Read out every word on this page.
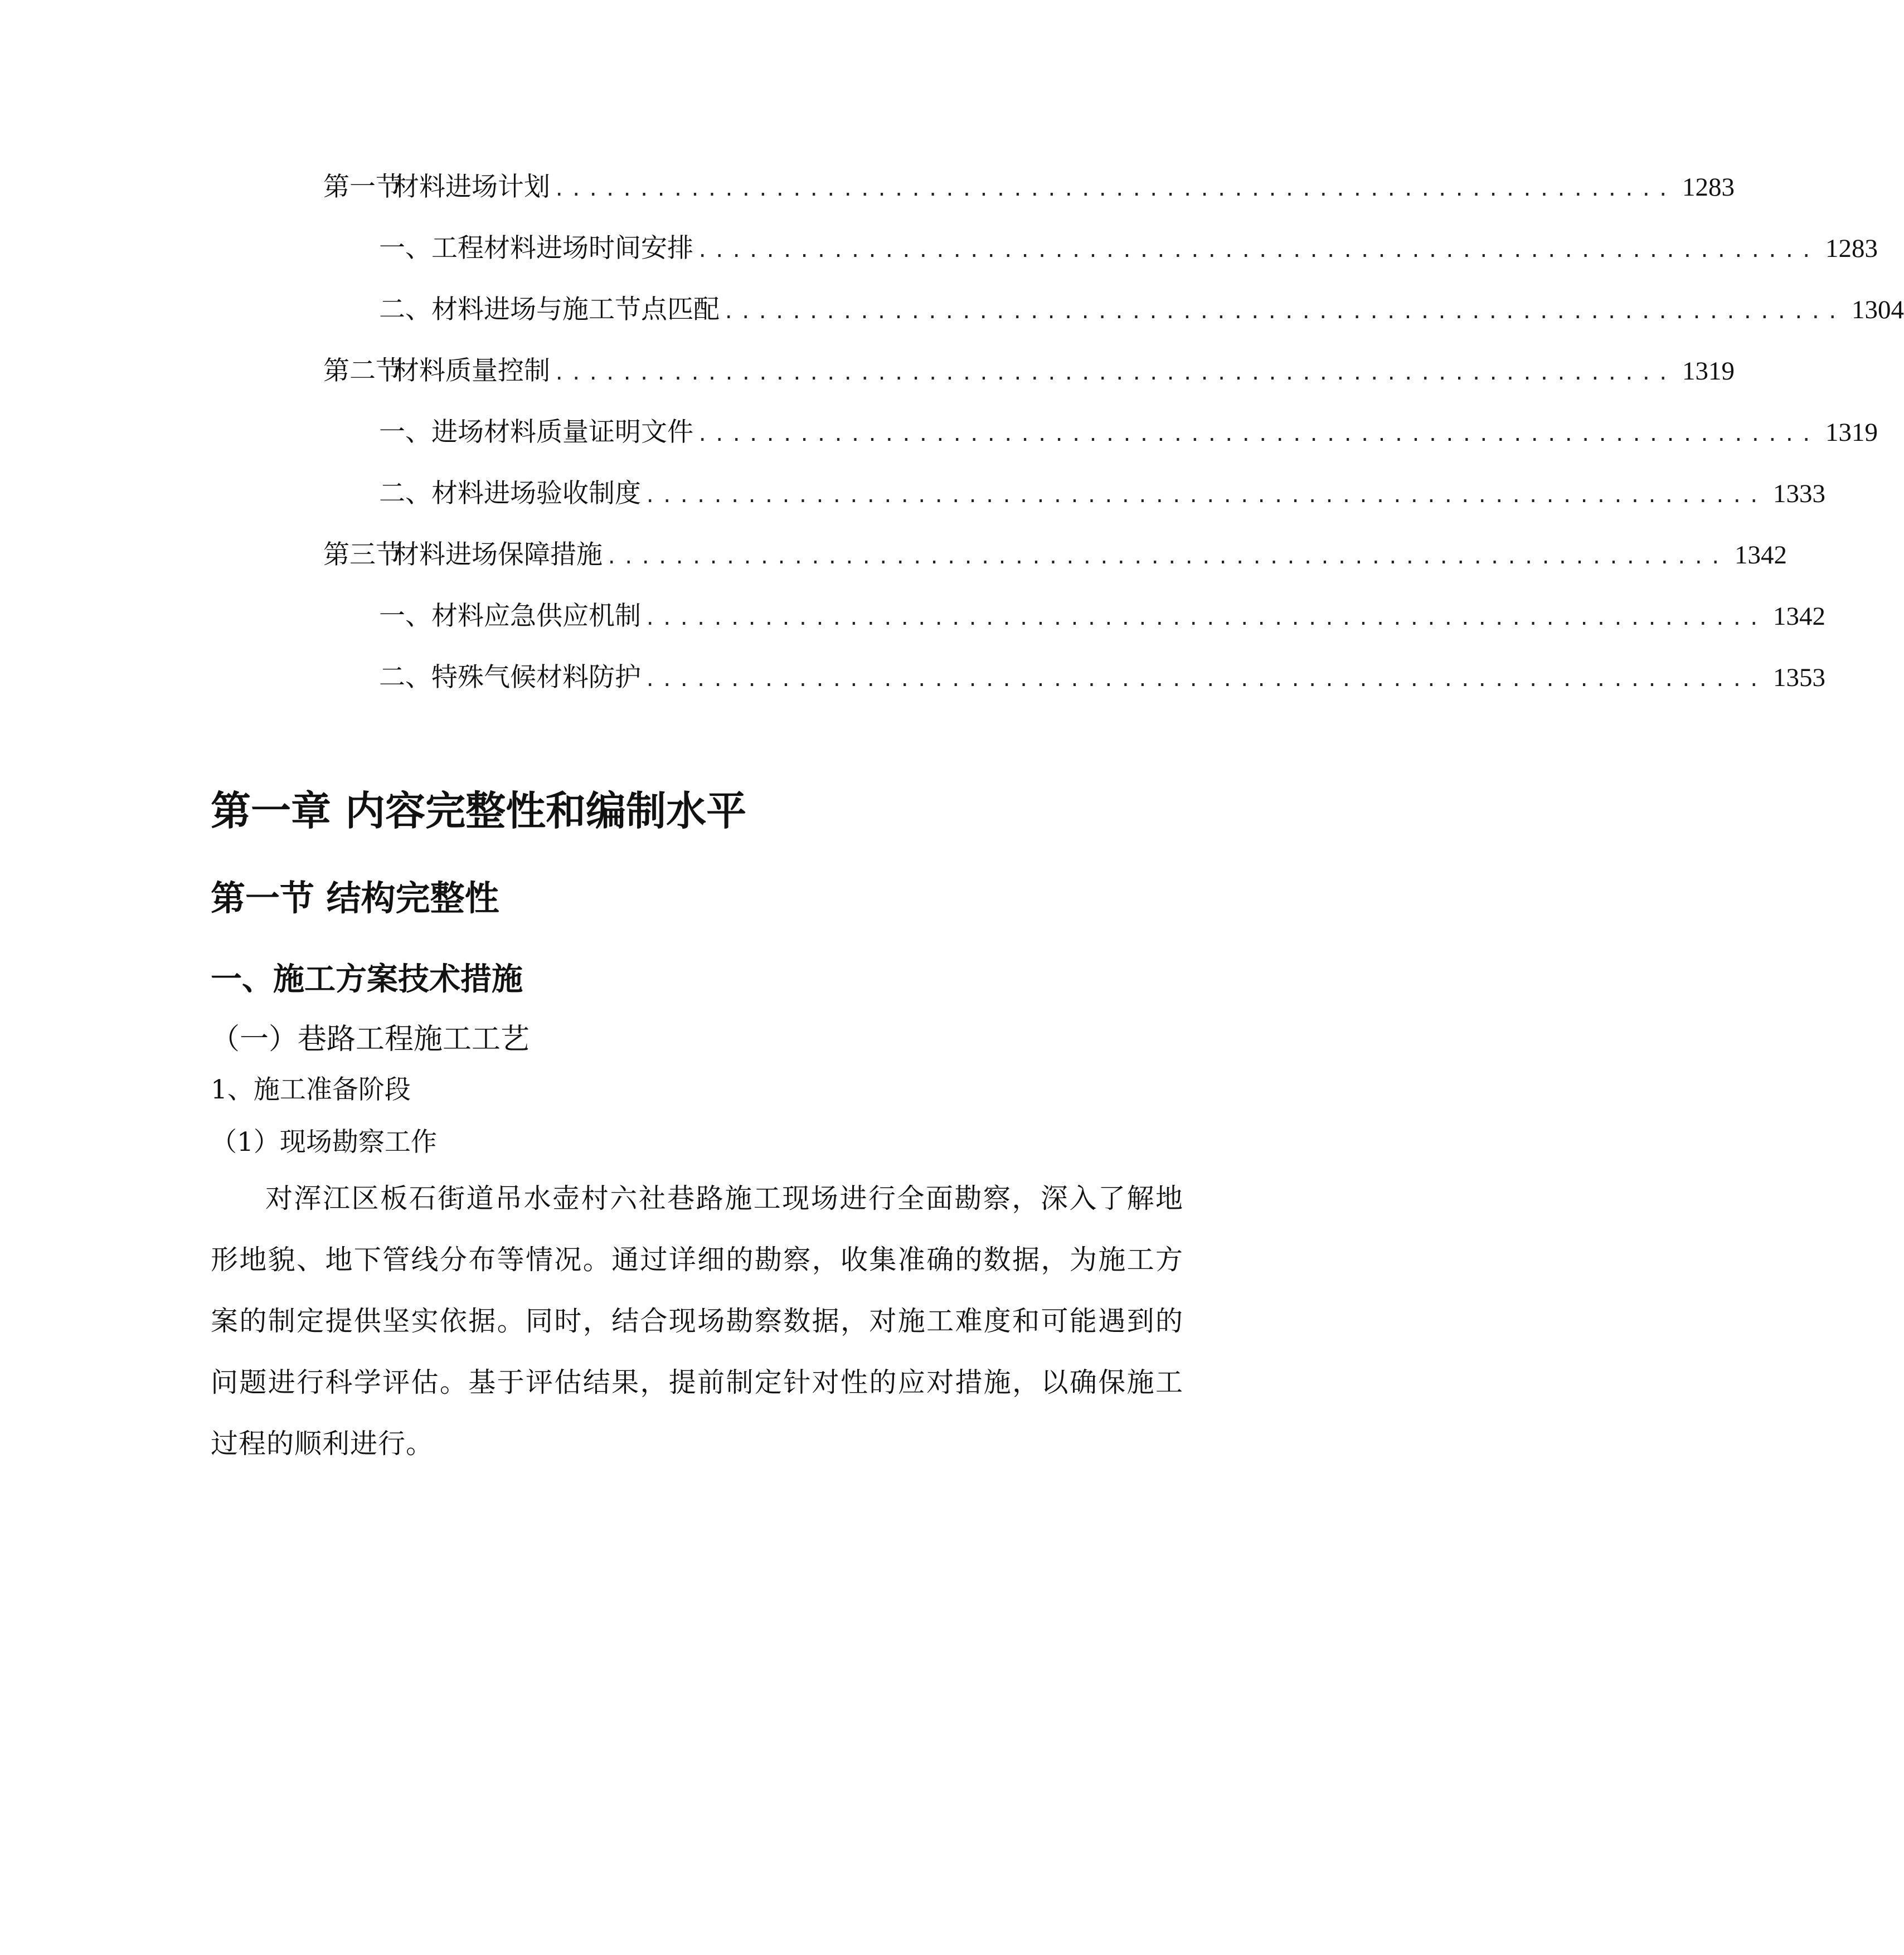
第一节
材料进场计划 .................................................................. 1283
一、 工程材料进场时间安排 .................................................................. 1283
二、 材料进场与施工节点匹配 .................................................................. 1304
第二节
材料质量控制 .................................................................. 1319
一、 进场材料质量证明文件 .................................................................. 1319
二、 材料进场验收制度 .................................................................. 1333
第三节
材料进场保障措施 .................................................................. 1342
一、 材料应急供应机制 .................................................................. 1342
二、 特殊气候材料防护 .................................................................. 1353
第一章 内容完整性和编制水平
第一节 结构完整性
一、施工方案技术措施
（一）巷路工程施工工艺
1、施工准备阶段
（1）现场勘察工作

对浑江区板石街道吊水壶村六社巷路施工现场进行全面勘察，深入了解地形地貌、地下管线分布等情况。通过详细的勘察，收集准确的数据，为施工方案的制定提供坚实依据。同时，结合现场勘察数据，对施工难度和可能遇到的问题进行科学评估。基于评估结果，提前制定针对性的应对措施，以确保施工过程的顺利进行。
